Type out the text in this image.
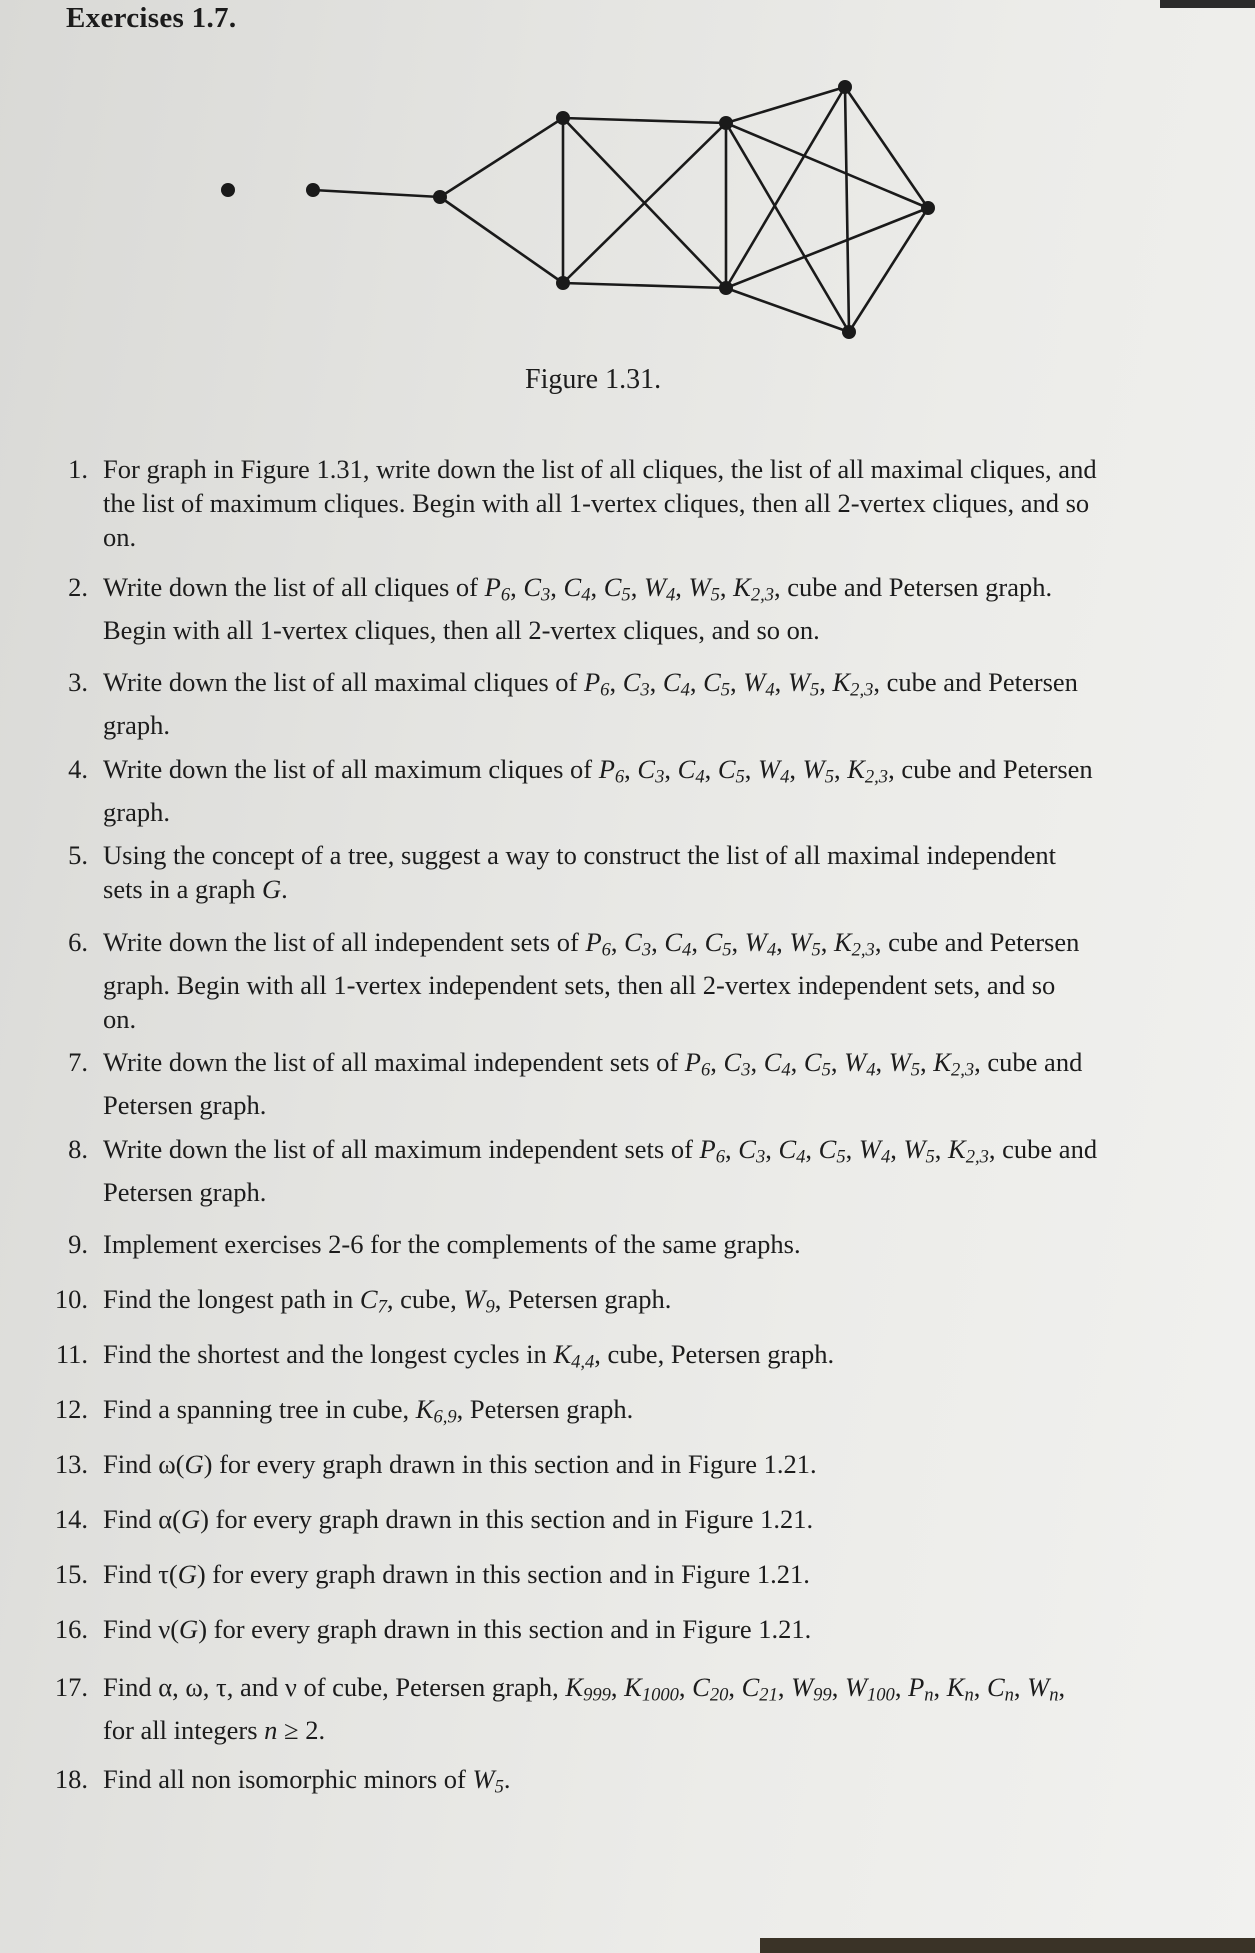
Exercises 1.7.
Figure 1.31.
1. For graph in Figure 1.31, write down the list of all cliques, the list of all maximal cliques, and
the list of maximum cliques. Begin with all 1-vertex cliques, then all 2-vertex cliques, and so
on.
2. Write down the list of all cliques of $P_6$, $C_3$, $C_4$, $C_5$, $W_4$, $W_5$, $K_{2,3}$, cube and Petersen graph.
Begin with all 1-vertex cliques, then all 2-vertex cliques, and so on.
3. Write down the list of all maximal cliques of $P_6$, $C_3$, $C_4$, $C_5$, $W_4$, $W_5$, $K_{2,3}$, cube and Petersen
graph.
4. Write down the list of all maximum cliques of $P_6$, $C_3$, $C_4$, $C_5$, $W_4$, $W_5$, $K_{2,3}$, cube and Petersen
graph.
5. Using the concept of a tree, suggest a way to construct the list of all maximal independent
sets in a graph G.
6. Write down the list of all independent sets of $P_6$, $C_3$, $C_4$, $C_5$, $W_4$, $W_5$, $K_{2,3}$, cube and Petersen
graph. Begin with all 1-vertex independent sets, then all 2-vertex independent sets, and so
on.
7. Write down the list of all maximal independent sets of $P_6$, $C_3$, $C_4$, $C_5$, $W_4$, $W_5$, $K_{2,3}$, cube and
Petersen graph.
8. Write down the list of all maximum independent sets of $P_6$, $C_3$, $C_4$, $C_5$, $W_4$, $W_5$, $K_{2,3}$, cube and
Petersen graph.
9. Implement exercises 2-6 for the complements of the same graphs.
10. Find the longest path in $C_7$, cube, $W_9$, Petersen graph.
11. Find the shortest and the longest cycles in $K_{4,4}$, cube, Petersen graph.
12. Find a spanning tree in cube, $K_{6,9}$, Petersen graph.
13. Find ω(G) for every graph drawn in this section and in Figure 1.21.
14. Find α(G) for every graph drawn in this section and in Figure 1.21.
15. Find τ(G) for every graph drawn in this section and in Figure 1.21.
16. Find ν(G) for every graph drawn in this section and in Figure 1.21.
17. Find α, ω, τ, and ν of cube, Petersen graph, $K_{999}$, $K_{1000}$, $C_{20}$, $C_{21}$, $W_{99}$, $W_{100}$, $P_n$, $K_n$, $C_n$, $W_n$,
for all integers n ≥ 2.
18. Find all non isomorphic minors of $W_5$.
